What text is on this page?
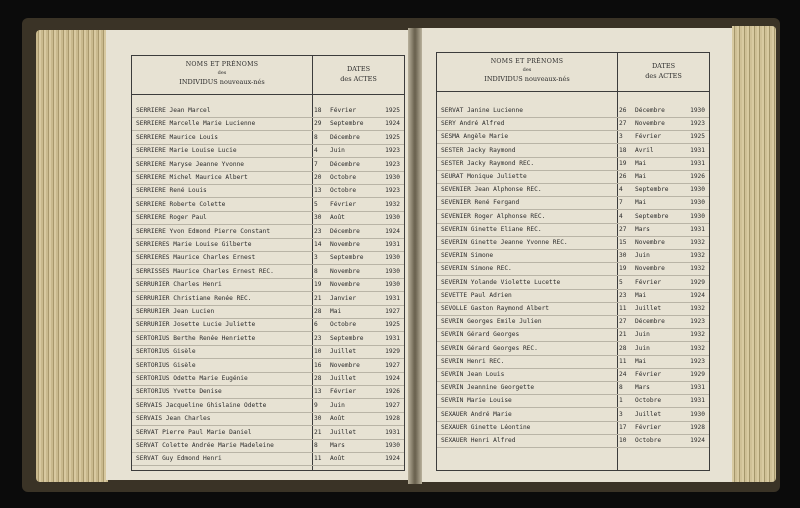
NOMS ET PRÉNOMS
des
INDIVIDUS nouveaux-nés
DATES
des ACTES
SERRIERE Jean Marcel	18 Février	1925
SERRIERE Marcelle Marie Lucienne	29 Septembre	1924
SERRIERE Maurice Louis	8 Décembre	1925
SERRIERE Marie Louise Lucie	4 Juin	1923
SERRIERE Maryse Jeanne Yvonne	7 Décembre	1923
SERRIERE Michel Maurice Albert	20 Octobre	1930
SERRIERE René Louis	13 Octobre	1923
SERRIERE Roberte Colette	5 Février	1932
SERRIERE Roger Paul	30 Août	1930
SERRIERE Yvon Edmond Pierre Constant	23 Décembre	1924
SERRIERES Marie Louise Gilberte	14 Novembre	1931
SERRIERES Maurice Charles Ernest	3 Septembre	1930
SERRISSES Maurice Charles Ernest REC.	8 Novembre	1930
SERRURIER Charles Henri	19 Novembre	1930
SERRURIER Christiane Renée REC.	21 Janvier	1931
SERRURIER Jean Lucien	28 Mai	1927
SERRURIER Josette Lucie Juliette	6 Octobre	1925
SERTORIUS Berthe Renée Henriette	23 Septembre	1931
SERTORIUS Gisèle	10 Juillet	1929
SERTORIUS Gisèle	16 Novembre	1927
SERTORIUS Odette Marie Eugénie	28 Juillet	1924
SERTORIUS Yvette Denise	13 Février	1926
SERVAIS Jacqueline Ghislaine Odette	9 Juin	1927
SERVAIS Jean Charles	30 Août	1928
SERVAT Pierre Paul Marie Daniel	21 Juillet	1931
SERVAT Colette Andrée Marie Madeleine	8 Mars	1930
SERVAT Guy Edmond Henri	11 Août	1924
NOMS ET PRÉNOMS
des
INDIVIDUS nouveaux-nés
DATES
des ACTES
SERVAT Janine Lucienne	26 Décembre	1930
SERY André Alfred	27 Novembre	1923
SESMA Angèle Marie	3 Février	1925
SESTER Jacky Raymond	18 Avril	1931
SESTER Jacky Raymond REC.	19 Mai	1931
SEURAT Monique Juliette	26 Mai	1926
SEVENIER Jean Alphonse REC.	4 Septembre	1930
SEVENIER René Fergand	7 Mai	1930
SEVENIER Roger Alphonse REC.	4 Septembre	1930
SEVERIN Ginette Eliane REC.	27 Mars	1931
SEVERIN Ginette Jeanne Yvonne REC.	15 Novembre	1932
SEVERIN Simone	30 Juin	1932
SEVERIN Simone REC.	19 Novembre	1932
SEVERIN Yolande Violette Lucette	5 Février	1929
SEVETTE Paul Adrien	23 Mai	1924
SEVOLLE Gaston Raymond Albert	11 Juillet	1932
SEVRIN Georges Emile Julien	27 Décembre	1923
SEVRIN Gérard Georges	21 Juin	1932
SEVRIN Gérard Georges REC.	28 Juin	1932
SEVRIN Henri REC.	11 Mai	1923
SEVRIN Jean Louis	24 Février	1929
SEVRIN Jeannine Georgette	8 Mars	1931
SEVRIN Marie Louise	1 Octobre	1931
SEXAUER André Marie	3 Juillet	1930
SEXAUER Ginette Léontine	17 Février	1928
SEXAUER Henri Alfred	10 Octobre	1924
